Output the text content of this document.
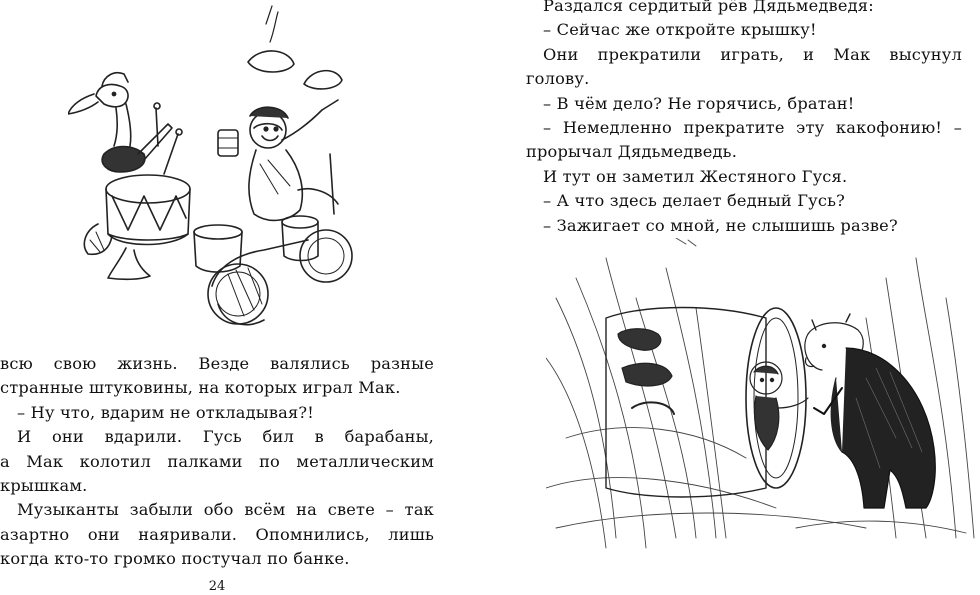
всю свою жизнь. Везде валялись разные
странные штуковины, на которых играл Мак.
– Ну что, вдарим не откладывая?!
И они вдарили. Гусь бил в барабаны,
а Мак колотил палками по металлическим
крышкам.
Музыканты забыли обо всём на свете – так
азартно они наяривали. Опомнились, лишь
когда кто-то громко постучал по банке.
24
Раздался сердитый рёв Дядьмедведя:
– Сейчас же откройте крышку!
Они прекратили играть, и Мак высунул
голову.
– В чём дело? Не горячись, братан!
– Немедленно прекратите эту какофонию! –
прорычал Дядьмедведь.
И тут он заметил Жестяного Гуся.
– А что здесь делает бедный Гусь?
– Зажигает со мной, не слышишь разве?
